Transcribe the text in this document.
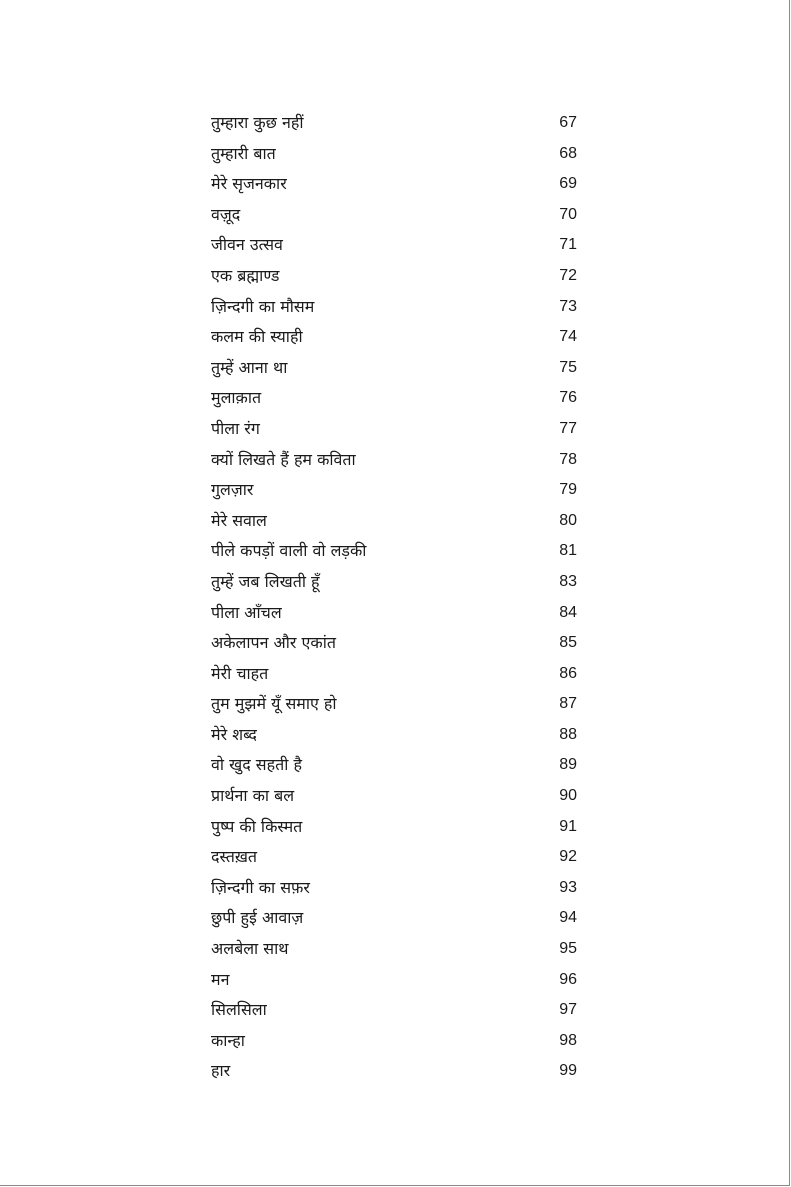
तुम्हारा कुछ नहीं	67
तुम्हारी बात	68
मेरे सृजनकार	69
वज़ूद	70
जीवन उत्सव	71
एक ब्रह्माण्ड	72
ज़िन्दगी का मौसम	73
कलम की स्याही	74
तुम्हें आना था	75
मुलाक़ात	76
पीला रंग	77
क्यों लिखते हैं हम कविता	78
गुलज़ार	79
मेरे सवाल	80
पीले कपड़ों वाली वो लड़की	81
तुम्हें जब लिखती हूँ	83
पीला आँचल	84
अकेलापन और एकांत	85
मेरी चाहत	86
तुम मुझमें यूँ समाए हो	87
मेरे शब्द	88
वो खुद सहती है	89
प्रार्थना का बल	90
पुष्प की किस्मत	91
दस्तख़त	92
ज़िन्दगी का सफ़र	93
छुपी हुई आवाज़	94
अलबेला साथ	95
मन	96
सिलसिला	97
कान्हा	98
हार	99
